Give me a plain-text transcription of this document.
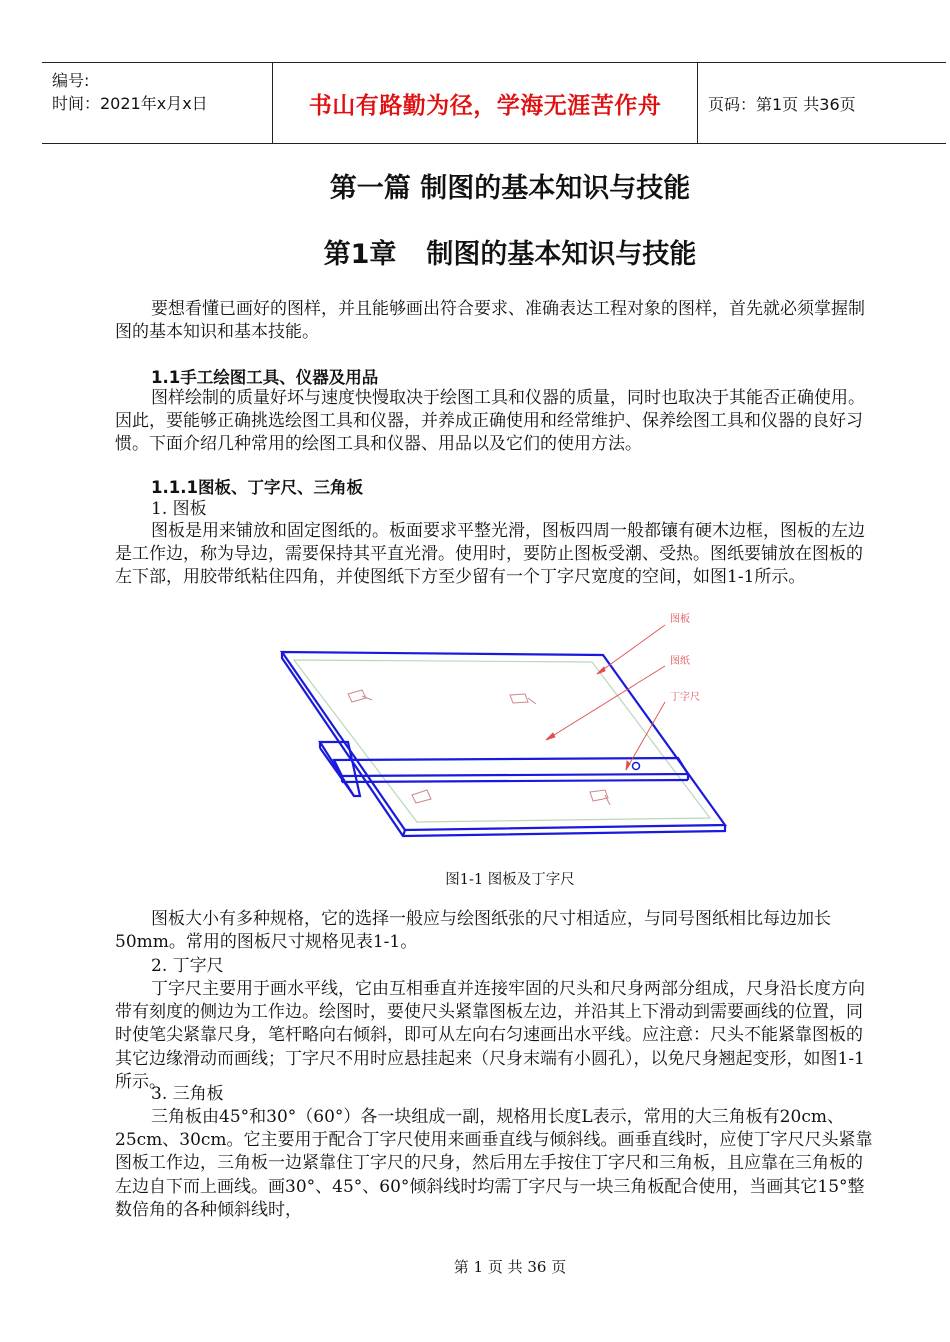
编号:
时间：2021年x月x日	书山有路勤为径，学海无涯苦作舟	页码：第1页 共36页
第一篇 制图的基本知识与技能
第1章 制图的基本知识与技能

要想看懂已画好的图样，并且能够画出符合要求、准确表达工程对象的图样，首先就必须掌握制图的基本知识和基本技能。

1.1手工绘图工具、仪器及用品

图样绘制的质量好坏与速度快慢取决于绘图工具和仪器的质量，同时也取决于其能否正确使用。因此，要能够正确挑选绘图工具和仪器，并养成正确使用和经常维护、保养绘图工具和仪器的良好习惯。下面介绍几种常用的绘图工具和仪器、用品以及它们的使用方法。

1.1.1图板、丁字尺、三角板

1. 图板

图板是用来铺放和固定图纸的。板面要求平整光滑，图板四周一般都镶有硬木边框，图板的左边是工作边，称为导边，需要保持其平直光滑。使用时，要防止图板受潮、受热。图纸要铺放在图板的左下部，用胶带纸粘住四角，并使图纸下方至少留有一个丁字尺宽度的空间，如图1-1所示。

图板
图纸
丁字尺
图1-1 图板及丁字尺

图板大小有多种规格，它的选择一般应与绘图纸张的尺寸相适应，与同号图纸相比每边加长50mm。常用的图板尺寸规格见表1-1。

2. 丁字尺

丁字尺主要用于画水平线，它由互相垂直并连接牢固的尺头和尺身两部分组成，尺身沿长度方向带有刻度的侧边为工作边。绘图时，要使尺头紧靠图板左边，并沿其上下滑动到需要画线的位置，同时使笔尖紧靠尺身，笔杆略向右倾斜，即可从左向右匀速画出水平线。应注意：尺头不能紧靠图板的其它边缘滑动而画线；丁字尺不用时应悬挂起来（尺身末端有小圆孔），以免尺身翘起变形，如图1-1所示。

3. 三角板

三角板由45°和30°（60°）各一块组成一副，规格用长度L表示，常用的大三角板有20cm、25cm、30cm。它主要用于配合丁字尺使用来画垂直线与倾斜线。画垂直线时，应使丁字尺尺头紧靠图板工作边，三角板一边紧靠住丁字尺的尺身，然后用左手按住丁字尺和三角板，且应靠在三角板的左边自下而上画线。画30°、45°、60°倾斜线时均需丁字尺与一块三角板配合使用，当画其它15°整数倍角的各种倾斜线时，

第 1 页 共 36 页
